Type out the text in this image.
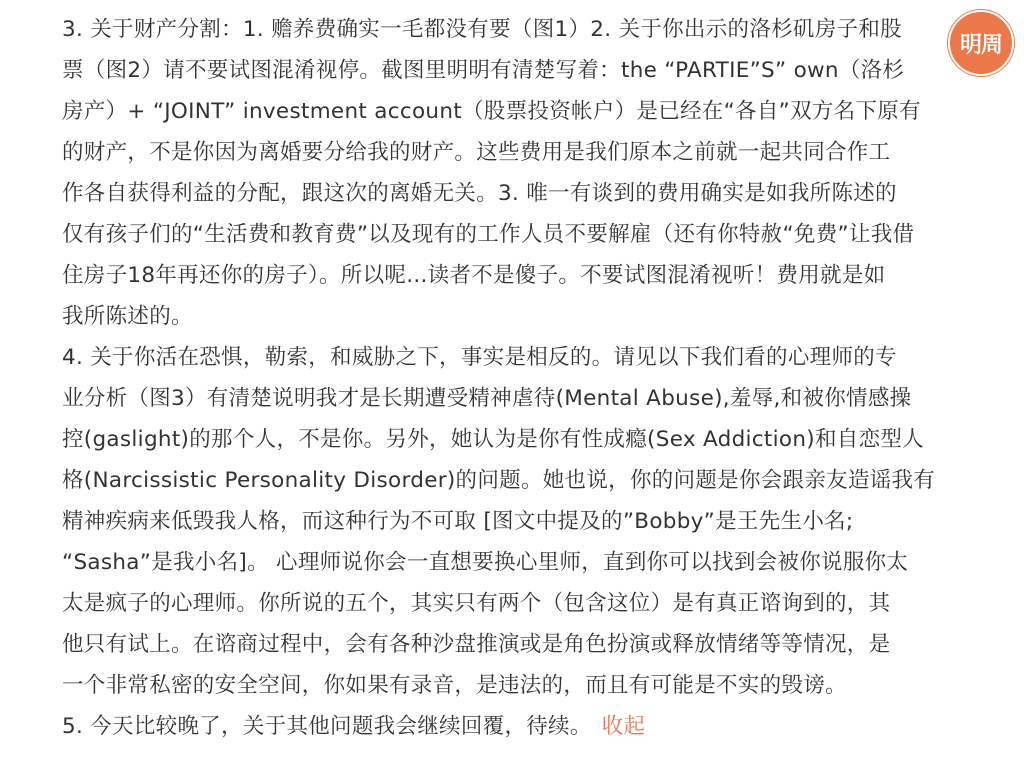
3. 关于财产分割：1. 赡养费确实一毛都没有要（图1）2. 关于你出示的洛杉矶房子和股
票（图2）请不要试图混淆视停。截图里明明有清楚写着：the “PARTIE”S” own（洛杉
房产）+ “JOINT” investment account（股票投资帐户）是已经在“各自”双方名下原有
的财产，不是你因为离婚要分给我的财产。这些费用是我们原本之前就一起共同合作工
作各自获得利益的分配，跟这次的离婚无关。3. 唯一有谈到的费用确实是如我所陈述的
仅有孩子们的“生活费和教育费”以及现有的工作人员不要解雇（还有你特赦“免费”让我借
住房子18年再还你的房子）。所以呢...读者不是傻子。不要试图混淆视听！费用就是如
我所陈述的。
4. 关于你活在恐惧，勒索，和威胁之下，事实是相反的。请见以下我们看的心理师的专
业分析（图3）有清楚说明我才是长期遭受精神虐待(Mental Abuse),羞辱,和被你情感操
控(gaslight)的那个人，不是你。另外，她认为是你有性成瘾(Sex Addiction)和自恋型人
格(Narcissistic Personality Disorder)的问题。她也说，你的问题是你会跟亲友造谣我有
精神疾病来低毁我人格，而这种行为不可取 [图文中提及的”Bobby”是王先生小名;
“Sasha”是我小名]。 心理师说你会一直想要换心里师，直到你可以找到会被你说服你太
太是疯子的心理师。你所说的五个，其实只有两个（包含这位）是有真正谘询到的，其
他只有试上。在谘商过程中，会有各种沙盘推演或是角色扮演或释放情绪等等情况，是
一个非常私密的安全空间，你如果有录音，是违法的，而且有可能是不实的毁谤。
5. 今天比较晚了，关于其他问题我会继续回覆，待续。 收起
明周
